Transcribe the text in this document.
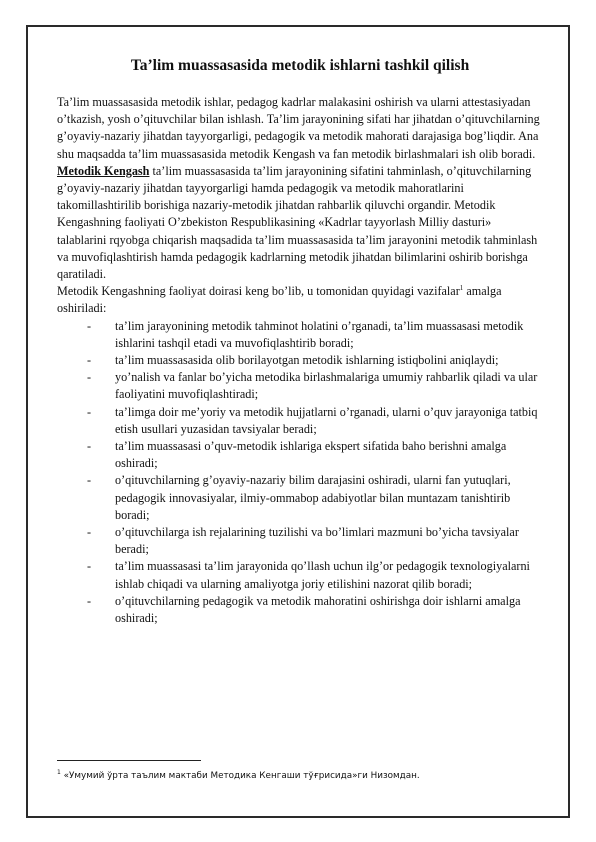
Ta’lim muassasasida metodik ishlarni tashkil qilish

Ta’lim muassasasida metodik ishlar, pedagog kadrlar malakasini oshirish va ularni attestasiyadan o’tkazish, yosh o’qituvchilar bilan ishlash. Ta’lim jarayonining sifati har jihatdan o’qituvchilarning g’oyaviy-nazariy jihatdan tayyorgarligi, pedagogik va metodik mahorati darajasiga bog’liqdir. Ana shu maqsadda ta’lim muassasasida metodik Kengash va fan metodik birlashmalari ish olib boradi. Metodik Kengash ta’lim muassasasida ta’lim jarayonining sifatini tahminlash, o’qituvchilarning g’oyaviy-nazariy jihatdan tayyorgarligi hamda pedagogik va metodik mahoratlarini takomillashtirilib borishiga nazariy-metodik jihatdan rahbarlik qiluvchi organdir. Metodik Kengashning faoliyati O’zbekiston Respublikasining «Kadrlar tayyorlash Milliy dasturi» talablarini rqyobga chiqarish maqsadida ta’lim muassasasida ta’lim jarayonini metodik tahminlash va muvofiqlashtirish hamda pedagogik kadrlarning metodik jihatdan bilimlarini oshirib borishga qaratiladi.

Metodik Kengashning faoliyat doirasi keng bo’lib, u tomonidan quyidagi vazifalar$^1$ amalga oshiriladi:

- ta’lim jarayonining metodik tahminot holatini o’rganadi, ta’lim muassasasi metodik ishlarini tashqil etadi va muvofiqlashtirib boradi;
- ta’lim muassasasida olib borilayotgan metodik ishlarning istiqbolini aniqlaydi;
- yo’nalish va fanlar bo’yicha metodika birlashmalariga umumiy rahbarlik qiladi va ular faoliyatini muvofiqlashtiradi;
- ta’limga doir me’yoriy va metodik hujjatlarni o’rganadi, ularni o’quv jarayoniga tatbiq etish usullari yuzasidan tavsiyalar beradi;
- ta’lim muassasasi o’quv-metodik ishlariga ekspert sifatida baho berishni amalga oshiradi;
- o’qituvchilarning g’oyaviy-nazariy bilim darajasini oshiradi, ularni fan yutuqlari, pedagogik innovasiyalar, ilmiy-ommabop adabiyotlar bilan muntazam tanishtirib boradi;
- o’qituvchilarga ish rejalarining tuzilishi va bo’limlari mazmuni bo’yicha tavsiyalar beradi;
- ta’lim muassasasi ta’lim jarayonida qo’llash uchun ilg’or pedagogik texnologiyalarni ishlab chiqadi va ularning amaliyotga joriy etilishini nazorat qilib boradi;
- o’qituvchilarning pedagogik va metodik mahoratini oshirishga doir ishlarni amalga oshiradi;
$^1$ «Умумий ўрта таълим мактаби Методика Кенгаши тўғрисида»ги Низомдан.
